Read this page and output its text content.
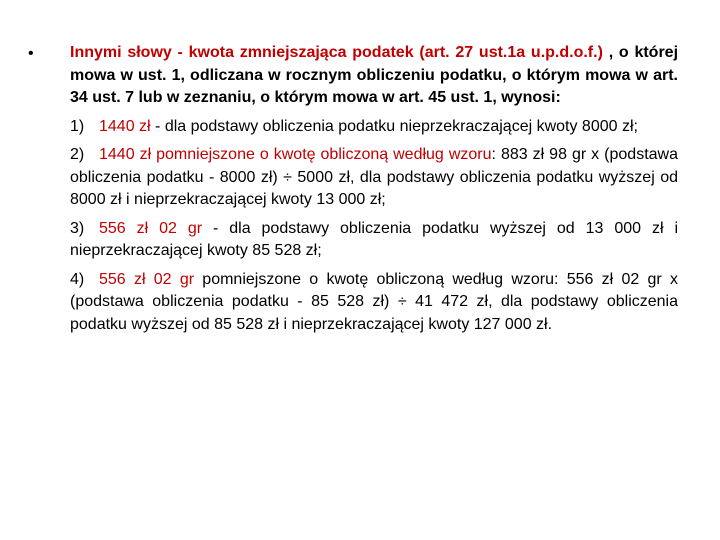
• Innymi słowy - kwota zmniejszająca podatek (art. 27 ust.1a u.p.d.o.f.) , o której mowa w ust. 1, odliczana w rocznym obliczeniu podatku, o którym mowa w art. 34 ust. 7 lub w zeznaniu, o którym mowa w art. 45 ust. 1, wynosi:
1) 1440 zł - dla podstawy obliczenia podatku nieprzekraczającej kwoty 8000 zł;
2) 1440 zł pomniejszone o kwotę obliczoną według wzoru: 883 zł 98 gr x (podstawa obliczenia podatku - 8000 zł) ÷ 5000 zł, dla podstawy obliczenia podatku wyższej od 8000 zł i nieprzekraczającej kwoty 13 000 zł;
3) 556 zł 02 gr - dla podstawy obliczenia podatku wyższej od 13 000 zł i nieprzekraczającej kwoty 85 528 zł;
4) 556 zł 02 gr pomniejszone o kwotę obliczoną według wzoru: 556 zł 02 gr x (podstawa obliczenia podatku - 85 528 zł) ÷ 41 472 zł, dla podstawy obliczenia podatku wyższej od 85 528 zł i nieprzekraczającej kwoty 127 000 zł.
